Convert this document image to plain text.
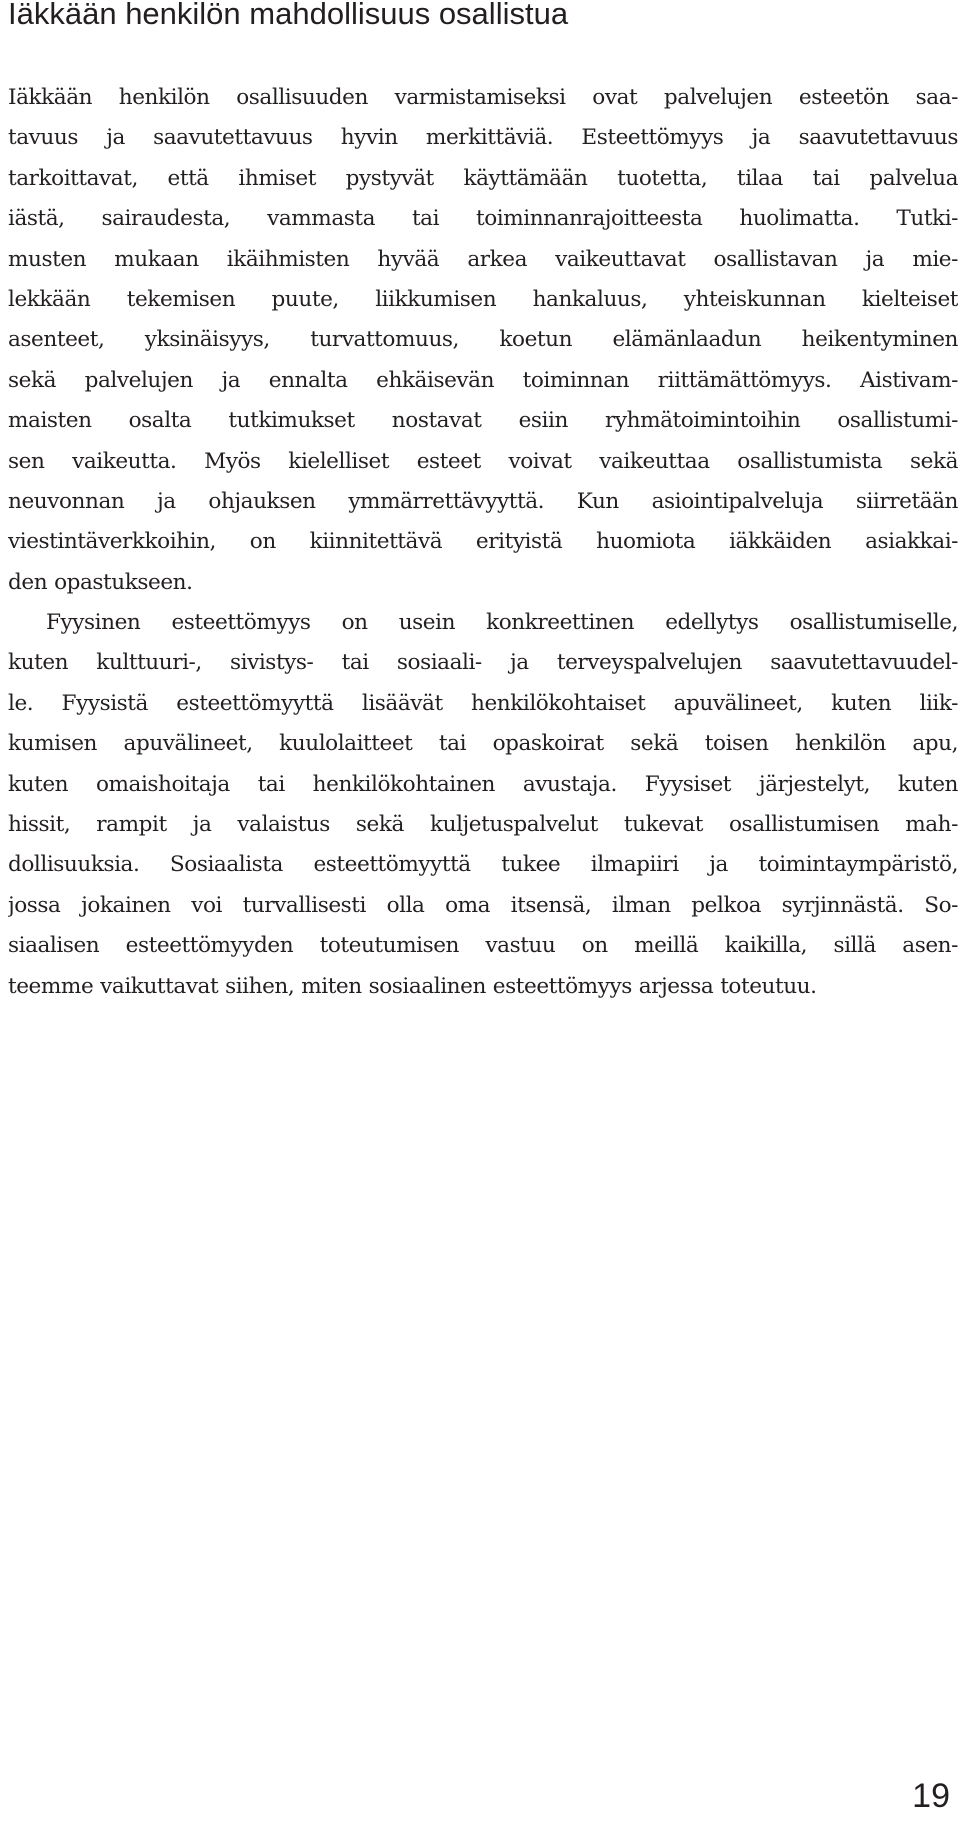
Iäkkään henkilön mahdollisuus osallistua
Iäkkään henkilön osallisuuden varmistamiseksi ovat palvelujen esteetön saa-
tavuus ja saavutettavuus hyvin merkittäviä. Esteettömyys ja saavutettavuus
tarkoittavat, että ihmiset pystyvät käyttämään tuotetta, tilaa tai palvelua
iästä, sairaudesta, vammasta tai toiminnanrajoitteesta huolimatta. Tutki-
musten mukaan ikäihmisten hyvää arkea vaikeuttavat osallistavan ja mie-
lekkään tekemisen puute, liikkumisen hankaluus, yhteiskunnan kielteiset
asenteet, yksinäisyys, turvattomuus, koetun elämänlaadun heikentyminen
sekä palvelujen ja ennalta ehkäisevän toiminnan riittämättömyys. Aistivam-
maisten osalta tutkimukset nostavat esiin ryhmätoimintoihin osallistumi-
sen vaikeutta. Myös kielelliset esteet voivat vaikeuttaa osallistumista sekä
neuvonnan ja ohjauksen ymmärrettävyyttä. Kun asiointipalveluja siirretään
viestintäverkkoihin, on kiinnitettävä erityistä huomiota iäkkäiden asiakkai-
den opastukseen.
Fyysinen esteettömyys on usein konkreettinen edellytys osallistumiselle,
kuten kulttuuri-, sivistys- tai sosiaali- ja terveyspalvelujen saavutettavuudel-
le. Fyysistä esteettömyyttä lisäävät henkilökohtaiset apuvälineet, kuten liik-
kumisen apuvälineet, kuulolaitteet tai opaskoirat sekä toisen henkilön apu,
kuten omaishoitaja tai henkilökohtainen avustaja. Fyysiset järjestelyt, kuten
hissit, rampit ja valaistus sekä kuljetuspalvelut tukevat osallistumisen mah-
dollisuuksia. Sosiaalista esteettömyyttä tukee ilmapiiri ja toimintaympäristö,
jossa jokainen voi turvallisesti olla oma itsensä, ilman pelkoa syrjinnästä. So-
siaalisen esteettömyyden toteutumisen vastuu on meillä kaikilla, sillä asen-
teemme vaikuttavat siihen, miten sosiaalinen esteettömyys arjessa toteutuu.
19
